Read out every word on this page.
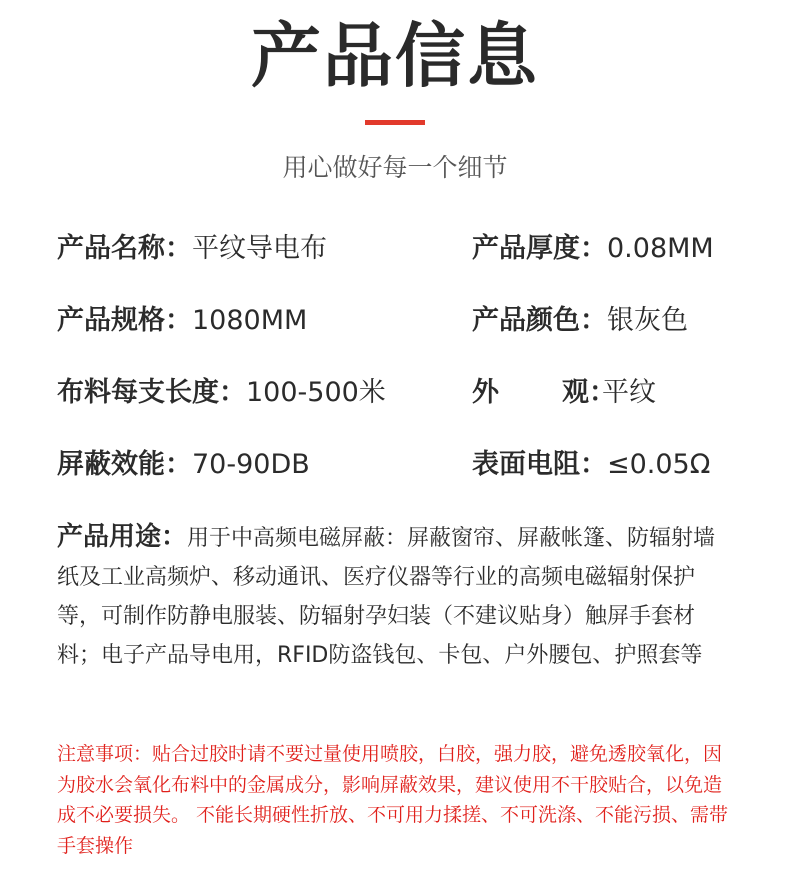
产品信息
用心做好每一个细节
产品名称：平纹导电布	产品厚度：0.08MM
产品规格：1080MM	产品颜色：银灰色
布料每支长度：100-500米	外 观：平纹
屏蔽效能：70-90DB	表面电阻：≤0.05Ω
产品用途：用于中高频电磁屏蔽：屏蔽窗帘、屏蔽帐篷、防辐射墙纸及工业高频炉、移动通讯、医疗仪器等行业的高频电磁辐射保护等，可制作防静电服装、防辐射孕妇装（不建议贴身）触屏手套材料；电子产品导电用，RFID防盗钱包、卡包、户外腰包、护照套等
注意事项：贴合过胶时请不要过量使用喷胶，白胶，强力胶，避免透胶氧化，因为胶水会氧化布料中的金属成分，影响屏蔽效果，建议使用不干胶贴合，以免造成不必要损失。 不能长期硬性折放、不可用力揉搓、不可洗涤、不能污损、需带手套操作
